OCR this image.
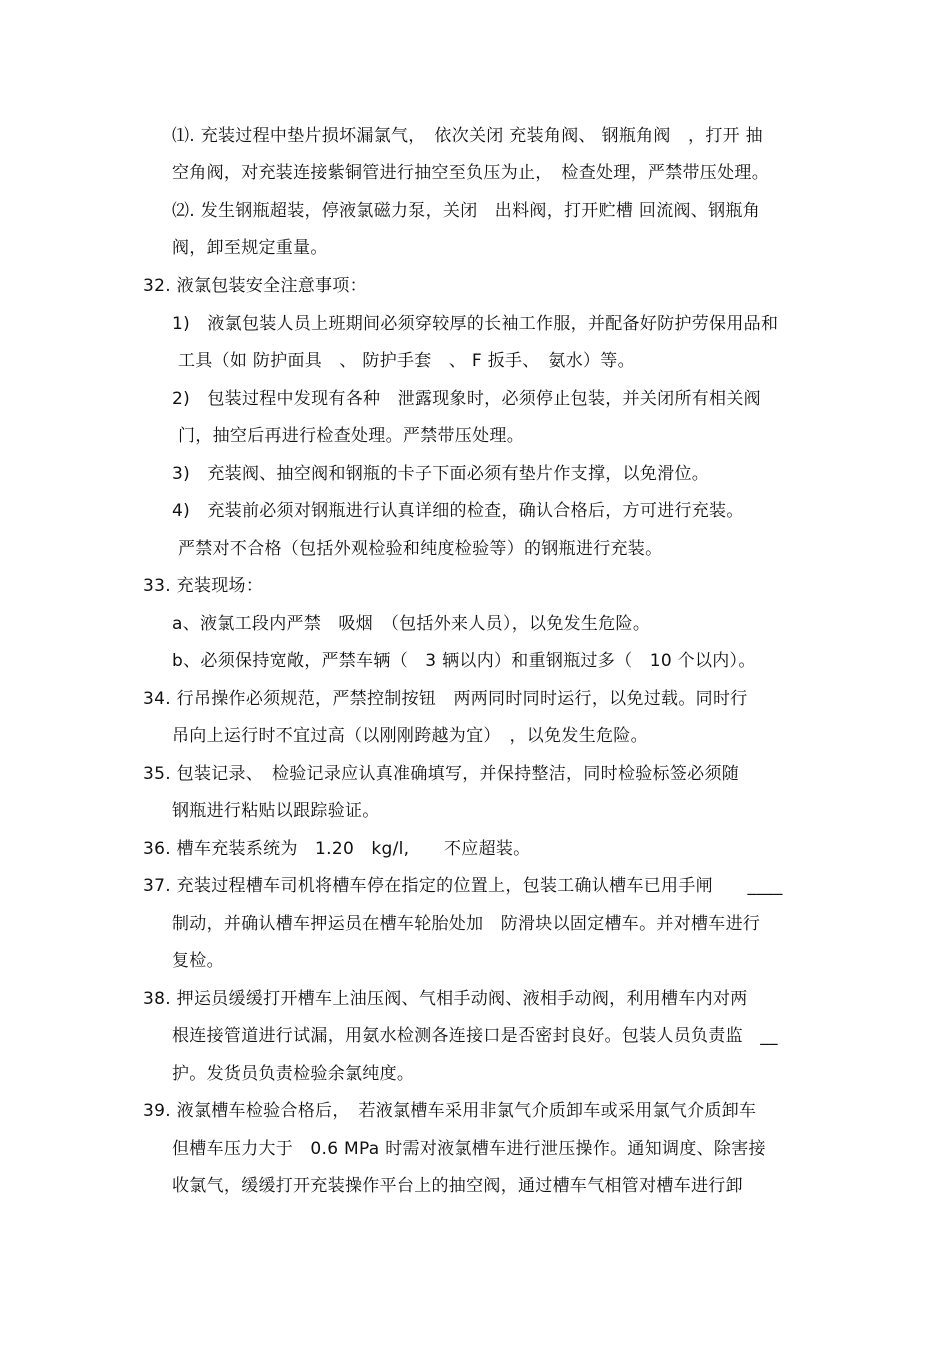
⑴. 充装过程中垫片损坏漏氯气，　依次关闭 充装角阀、 钢瓶角阀　，打开 抽
空角阀，对充装连接紫铜管进行抽空至负压为止，　检查处理，严禁带压处理。
⑵. 发生钢瓶超装，停液氯磁力泵，关闭　出料阀，打开贮槽 回流阀、钢瓶角
阀，卸至规定重量。
32. 液氯包装安全注意事项：
1)　液氯包装人员上班期间必须穿较厚的长袖工作服，并配备好防护劳保用品和
工具（如 防护面具　、 防护手套　、 F 扳手、　氨水）等。
2)　包装过程中发现有各种　泄露现象时，必须停止包装，并关闭所有相关阀
门，抽空后再进行检查处理。严禁带压处理。
3)　充装阀、抽空阀和钢瓶的卡子下面必须有垫片作支撑，以免滑位。
4)　充装前必须对钢瓶进行认真详细的检查，确认合格后，方可进行充装。
严禁对不合格（包括外观检验和纯度检验等）的钢瓶进行充装。
33. 充装现场：
a、液氯工段内严禁　吸烟　（包括外来人员），以免发生危险。
b、必须保持宽敞，严禁车辆（　3 辆以内）和重钢瓶过多（　10 个以内）。
34. 行吊操作必须规范，严禁控制按钮　两两同时同时运行，以免过载。同时行
吊向上运行时不宜过高（以刚刚跨越为宜）　，以免发生危险。
35. 包装记录、　检验记录应认真准确填写，并保持整洁，同时检验标签必须随
钢瓶进行粘贴以跟踪验证。
36. 槽车充装系统为　1.20　kg/l,　　不应超装。
37. 充装过程槽车司机将槽车停在指定的位置上，包装工确认槽车已用手闸　　____
制动，并确认槽车押运员在槽车轮胎处加　防滑块以固定槽车。并对槽车进行
复检。
38. 押运员缓缓打开槽车上油压阀、气相手动阀、液相手动阀，利用槽车内对两
根连接管道进行试漏，用氨水检测各连接口是否密封良好。包装人员负责监　__
护。发货员负责检验余氯纯度。
39. 液氯槽车检验合格后，　若液氯槽车采用非氯气介质卸车或采用氯气介质卸车
但槽车压力大于　0.6 MPa 时需对液氯槽车进行泄压操作。通知调度、除害接
收氯气，缓缓打开充装操作平台上的抽空阀，通过槽车气相管对槽车进行卸
